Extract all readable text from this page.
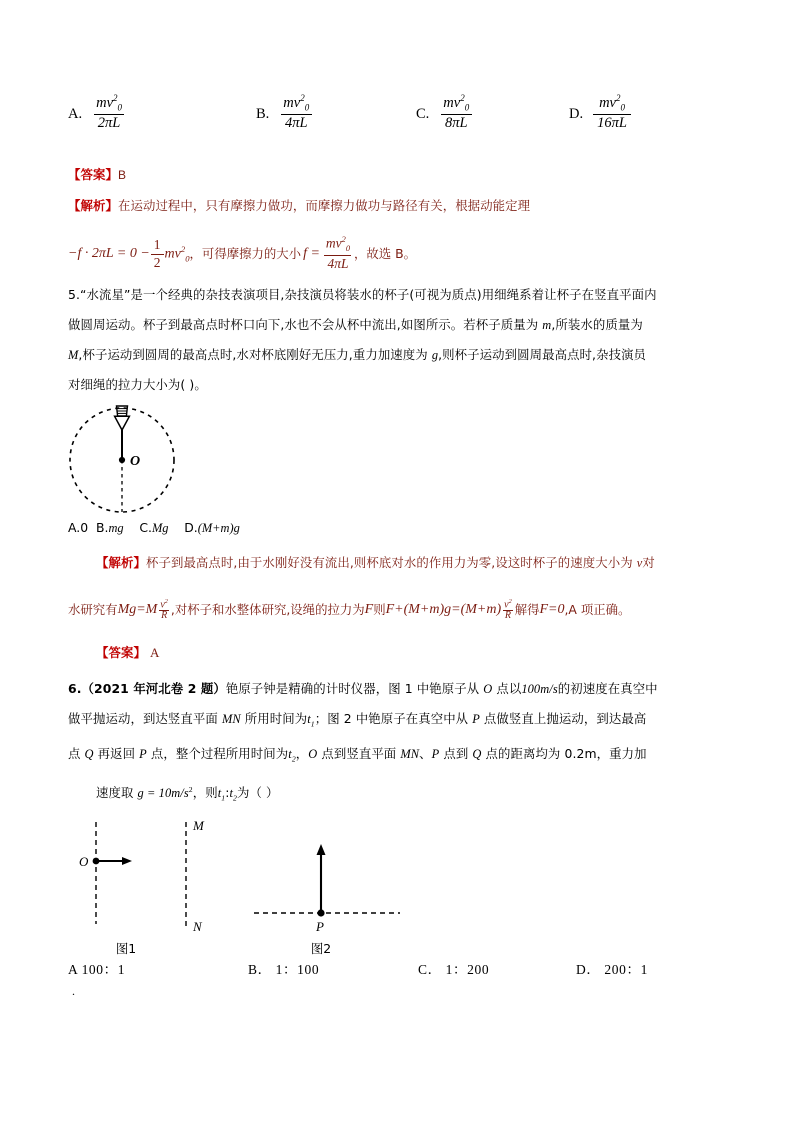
A. $\frac{mv^2_0}{2\pi L}$	B. $\frac{mv^2_0}{4\pi L}$	C. $\frac{mv^2_0}{8\pi L}$	D. $\frac{mv^2_0}{16\pi L}$
【答案】B
【解析】在运动过程中，只有摩擦力做功，而摩擦力做功与路径有关，根据动能定理
$-f \cdot 2\pi L = 0 - \frac{1}{2} mv^2_0$ ，可得摩擦力的大小 $f = \frac{mv^2_0}{4\pi L}$ ，故选 B。
5.“水流星”是一个经典的杂技表演项目,杂技演员将装水的杯子(可视为质点)用细绳系着让杯子在竖直平面内
做圆周运动。杯子到最高点时杯口向下,水也不会从杯中流出,如图所示。若杯子质量为 m,所装水的质量为
M,杯子运动到圆周的最高点时,水对杯底刚好无压力,重力加速度为 g,则杯子运动到圆周最高点时,杂技演员
对细绳的拉力大小为( )。
O
A.0 B.mg C.Mg D.(M+m)g
【解析】杯子到最高点时,由于水刚好没有流出,则杯底对水的作用力为零,设这时杯子的速度大小为 v对
水研究有 $Mg=M \frac{v^2}{R}$ ,对杯子和水整体研究,设绳的拉力为 F 则 $F+(M+m)g=(M+m) \frac{v^2}{R}$ 解得 F=0 ,A 项正确。
【答案】 A
6.（2021 年河北卷 2 题）铯原子钟是精确的计时仪器，图 1 中铯原子从 O 点以100m/s的初速度在真空中
做平抛运动，到达竖直平面 MN 所用时间为$t_1$；图 2 中铯原子在真空中从 P 点做竖直上抛运动，到达最高
点 Q 再返回 P 点，整个过程所用时间为$t_2$，O 点到竖直平面 MN、P 点到 Q 点的距离均为 0.2m，重力加
速度取 $g = 10m/s^2$，则$t_1:t_2$为（ ）
O
M
N
图1
P
图2
A 100：1	B． 1：100	C． 1：200	D． 200：1
.
